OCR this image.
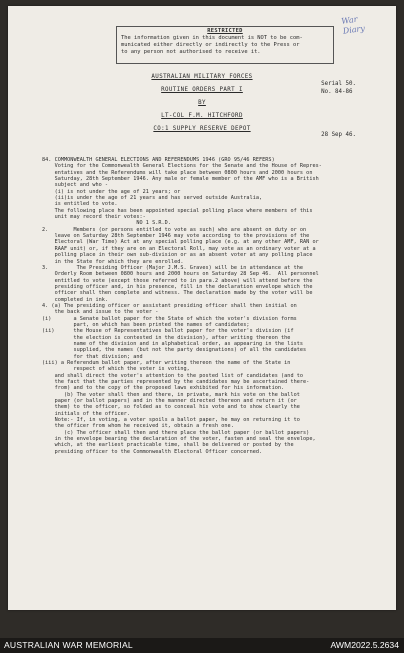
RESTRICTED
The information given in this document is NOT to be com-
municated either directly or indirectly to the Press or
to any person not authorised to receive it.
War Diary
AUSTRALIAN MILITARY FORCES
ROUTINE ORDERS PART I
BY
LT-COL F.M. HITCHFORD
CO:1 SUPPLY RESERVE DEPOT
Serial 50.
No. 84-86
28 Sep 46.
84. COMMONWEALTH GENERAL ELECTIONS AND REFERENDUMS 1946 (GRO 95/46 REFERS)
Voting for the Commonwealth General Elections for the Senate and the House of Repres-
entatives and the Referendums will take place between 0800 hours and 2000 hours on
Saturday, 28th September 1946. Any male or female member of the AMF who is a British
subject and who -
(i) is not under the age of 21 years; or
(ii)is under the age of 21 years and has served outside Australia,
is entitled to vote.
The following place has been appointed special polling place where members of this
unit may record their votes:-
NO 1 S.R.D.
2.        Members (or persons entitled to vote as such) who are absent on duty or on
leave on Saturday 28th September 1946 may vote according to the provisions of the
Electoral (War Time) Act at any special polling place (e.g. at any other AMF, RAN or
RAAF unit) or, if they are on an Electoral Roll, may vote as an ordinary voter at a
polling place in their own sub-division or as an absent voter at any polling place
in the State for which they are enrolled.
3.         The Presiding Officer (Major J.M.S. Graves) will be in attendance at the
Orderly Room between 0800 hours and 2000 hours on Saturday 28 Sep 46.  All personnel
entitled to vote (except those referred to in para.2 above) will attend before the
presiding officer and, in his presence, fill in the declaration envelope which the
officer shall then complete and witness. The declaration made by the voter will be
completed in ink.
4. (a) The presiding officer or assistant presiding officer shall then initial on
the back and issue to the voter -
(i)       a Senate ballot paper for the State of which the voter's division forms
part, on which has been printed the names of candidates;
(ii)      the House of Representatives ballot paper for the voter's division (if
the election is contested in the division), after writing thereon the
name of the division and in alphabetical order, as appearing in the lists
supplied, the names (but not the party designations) of all the candidates
for that division; and
(iii) a Referendum ballot paper, after writing thereon the name of the State in
respect of which the voter is voting,
and shall direct the voter's attention to the posted list of candidates (and to
the fact that the parties represented by the candidates may be ascertained there-
from) and to the copy of the proposed laws exhibited for his information.
(b) The voter shall then and there, in private, mark his vote on the ballot
paper (or ballot papers) and in the manner directed thereon and return it (or
them) to the officer, so folded as to conceal his vote and to show clearly the
initials of the officer.
Note:- If, in voting, a voter spoils a ballot paper, he may on returning it to
the officer from whom he received it, obtain a fresh one.
(c) The officer shall then and there place the ballot paper (or ballot papers)
in the envelope bearing the declaration of the voter, fasten and seal the envelope,
which, at the earliest practicable time, shall be delivered or posted by the
presiding officer to the Commonwealth Electoral Officer concerned.
AUSTRALIAN WAR MEMORIAL	AWM2022.5.2634
